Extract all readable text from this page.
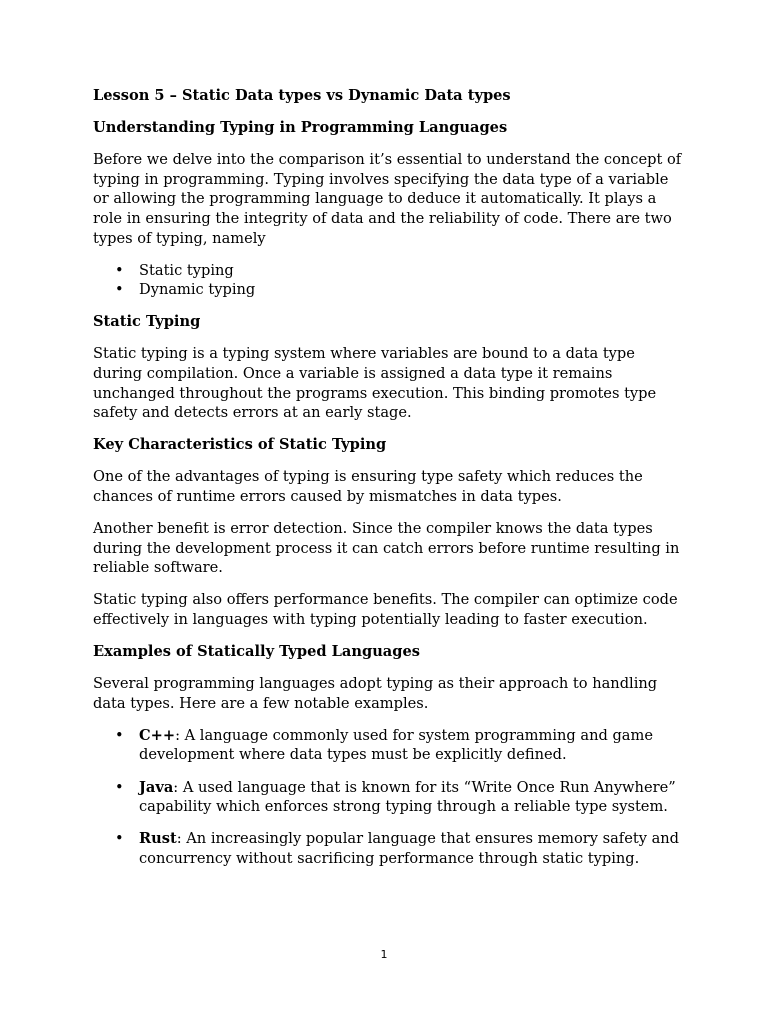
Lesson 5 – Static Data types vs Dynamic Data types
Understanding Typing in Programming Languages
Before we delve into the comparison it’s essential to understand the concept of typing in programming. Typing involves specifying the data type of a variable or allowing the programming language to deduce it automatically. It plays a role in ensuring the integrity of data and the reliability of code. There are two types of typing, namely
• Static typing
• Dynamic typing
Static Typing
Static typing is a typing system where variables are bound to a data type during compilation. Once a variable is assigned a data type it remains unchanged throughout the programs execution. This binding promotes type safety and detects errors at an early stage.
Key Characteristics of Static Typing
One of the advantages of typing is ensuring type safety which reduces the chances of runtime errors caused by mismatches in data types.
Another benefit is error detection. Since the compiler knows the data types during the development process it can catch errors before runtime resulting in reliable software.
Static typing also offers performance benefits. The compiler can optimize code effectively in languages with typing potentially leading to faster execution.
Examples of Statically Typed Languages
Several programming languages adopt typing as their approach to handling data types. Here are a few notable examples.
• C++: A language commonly used for system programming and game development where data types must be explicitly defined.
• Java: A used language that is known for its “Write Once Run Anywhere” capability which enforces strong typing through a reliable type system.
• Rust: An increasingly popular language that ensures memory safety and concurrency without sacrificing performance through static typing.
1
